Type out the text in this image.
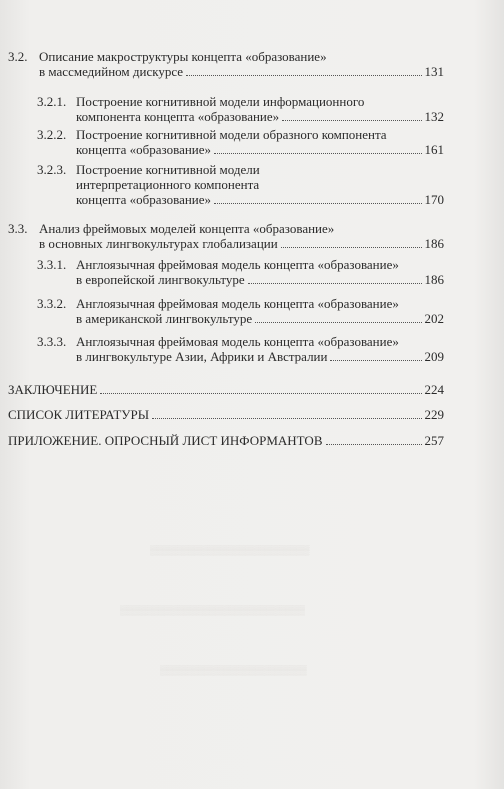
▒▒▒▒▒▒▒▒▒▒▒▒▒▒▒▒▒▒▒▒▒▒▒▒▒
▒▒▒▒▒▒▒▒▒▒▒▒▒▒▒▒▒▒▒▒▒▒▒▒▒▒▒▒▒
▒▒▒▒▒▒▒▒▒▒▒▒▒▒▒▒▒▒▒▒▒▒▒
3.2. Описание макроструктуры концепта «образование»
в массмедийном дискурсе	131
3.2.1. Построение когнитивной модели информационного
компонента концепта «образование»	132
3.2.2. Построение когнитивной модели образного компонента
концепта «образование»	161
3.2.3. Построение когнитивной модели
интерпретационного компонента
концепта «образование»	170
3.3. Анализ фреймовых моделей концепта «образование»
в основных лингвокультурах глобализации	186
3.3.1. Англоязычная фреймовая модель концепта «образование»
в европейской лингвокультуре	186
3.3.2. Англоязычная фреймовая модель концепта «образование»
в американской лингвокультуре	202
3.3.3. Англоязычная фреймовая модель концепта «образование»
в лингвокультуре Азии, Африки и Австралии	209
ЗАКЛЮЧЕНИЕ	224
СПИСОК ЛИТЕРАТУРЫ	229
ПРИЛОЖЕНИЕ. ОПРОСНЫЙ ЛИСТ ИНФОРМАНТОВ	257
